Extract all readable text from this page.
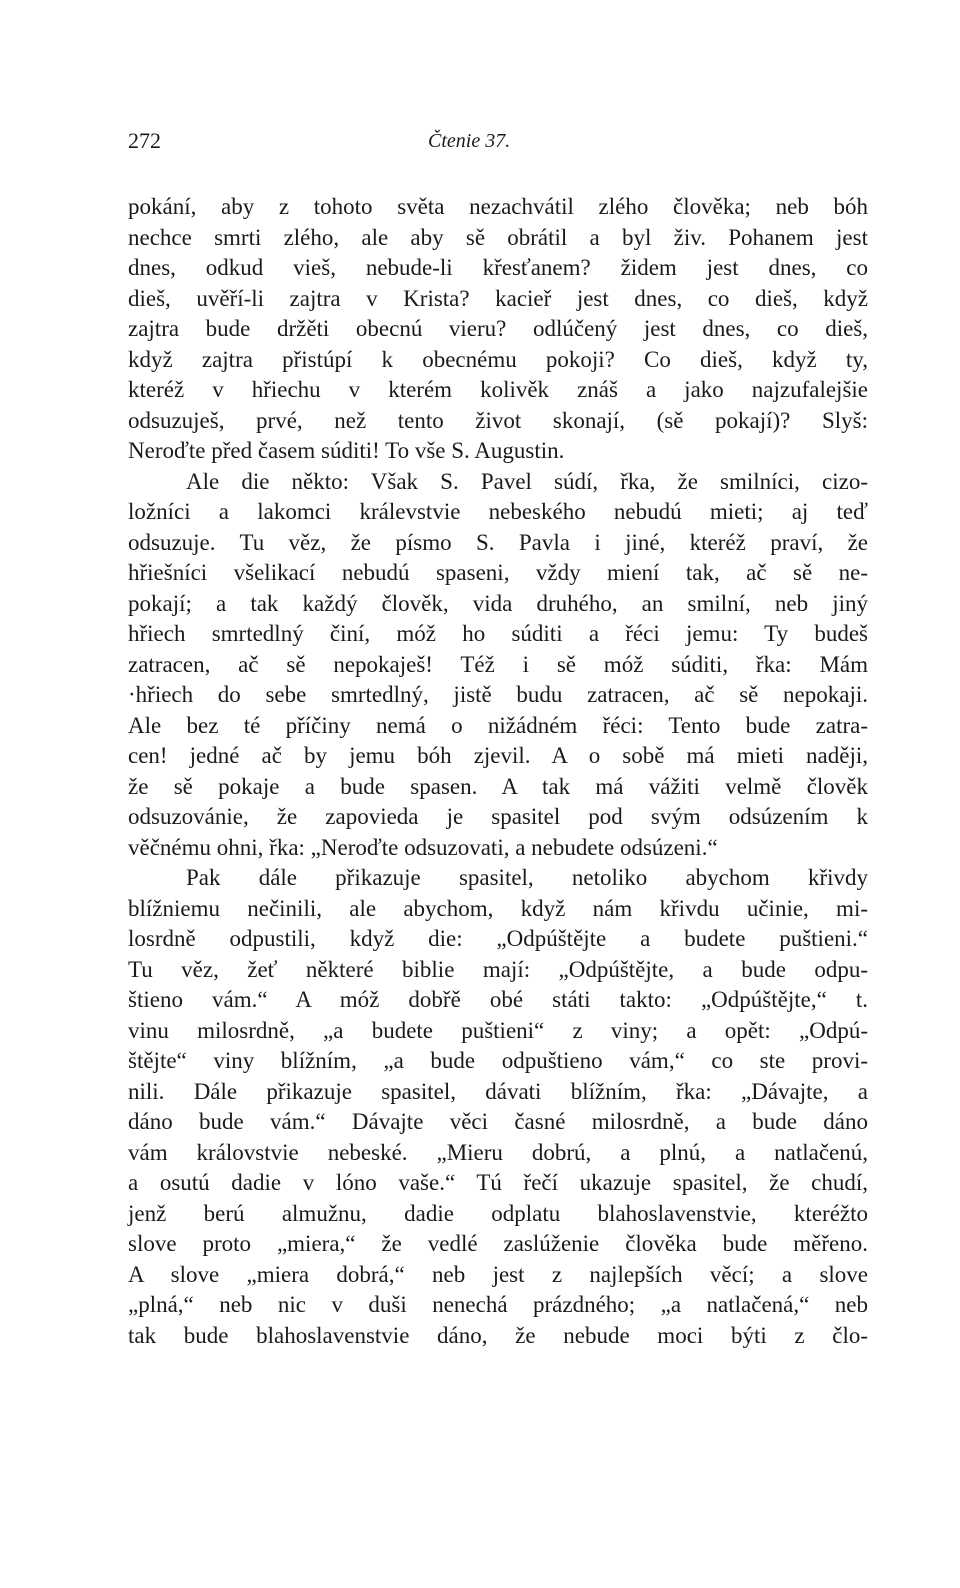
272	Čtenie 37.
pokání, aby z tohoto světa nezachvátil zlého člověka; neb bóh
nechce smrti zlého, ale aby sě obrátil a byl živ. Pohanem jest
dnes, odkud vieš, nebude-li křesťanem? židem jest dnes, co
dieš, uvěří-li zajtra v Krista? kacieř jest dnes, co dieš, když
zajtra bude držěti obecnú vieru? odlúčený jest dnes, co dieš,
když zajtra přistúpí k obecnému pokoji? Co dieš, když ty,
kteréž v hřiechu v kterém kolivěk znáš a jako najzufalejšie
odsuzuješ, prvé, než tento život skonají, (sě pokají)? Slyš:
Neroďte před časem súditi! To vše S. Augustin.
Ale die někto: Však S. Pavel súdí, řka, že smilníci, cizo-
ložníci a lakomci králevstvie nebeského nebudú mieti; aj teď
odsuzuje. Tu věz, že písmo S. Pavla i jiné, kteréž praví, že
hřiešníci všelikací nebudú spaseni, vždy miení tak, ač sě ne-
pokají; a tak každý člověk, vida druhého, an smilní, neb jiný
hřiech smrtedlný činí, móž ho súditi a řéci jemu: Ty budeš
zatracen, ač sě nepokaješ! Též i sě móž súditi, řka: Mám
·hřiech do sebe smrtedlný, jistě budu zatracen, ač sě nepokaji.
Ale bez té příčiny nemá o nižádném řéci: Tento bude zatra-
cen! jedné ač by jemu bóh zjevil. A o sobě má mieti naději,
že sě pokaje a bude spasen. A tak má vážiti velmě člověk
odsuzovánie, že zapovieda je spasitel pod svým odsúzením k
věčnému ohni, řka: „Neroďte odsuzovati, a nebudete odsúzeni.“
Pak dále přikazuje spasitel, netoliko abychom křivdy
blížniemu nečinili, ale abychom, když nám křivdu učinie, mi-
losrdně odpustili, když die: „Odpúštějte a budete puštieni.“
Tu věz, žeť některé biblie mají: „Odpúštějte, a bude odpu-
štieno vám.“ A móž dobřě obé státi takto: „Odpúštějte,“ t.
vinu milosrdně, „a budete puštieni“ z viny; a opět: „Odpú-
štějte“ viny blížním, „a bude odpuštieno vám,“ co ste provi-
nili. Dále přikazuje spasitel, dávati blížním, řka: „Dávajte, a
dáno bude vám.“ Dávajte věci časné milosrdně, a bude dáno
vám královstvie nebeské. „Mieru dobrú, a plnú, a natlačenú,
a osutú dadie v lóno vaše.“ Tú řečí ukazuje spasitel, že chudí,
jenž berú almužnu, dadie odplatu blahoslavenstvie, kteréžto
slove proto „miera,“ že vedlé zaslúženie člověka bude měřeno.
A slove „miera dobrá,“ neb jest z najlepších věcí; a slove
„plná,“ neb nic v duši nenechá prázdného; „a natlačená,“ neb
tak bude blahoslavenstvie dáno, že nebude moci býti z člo-
